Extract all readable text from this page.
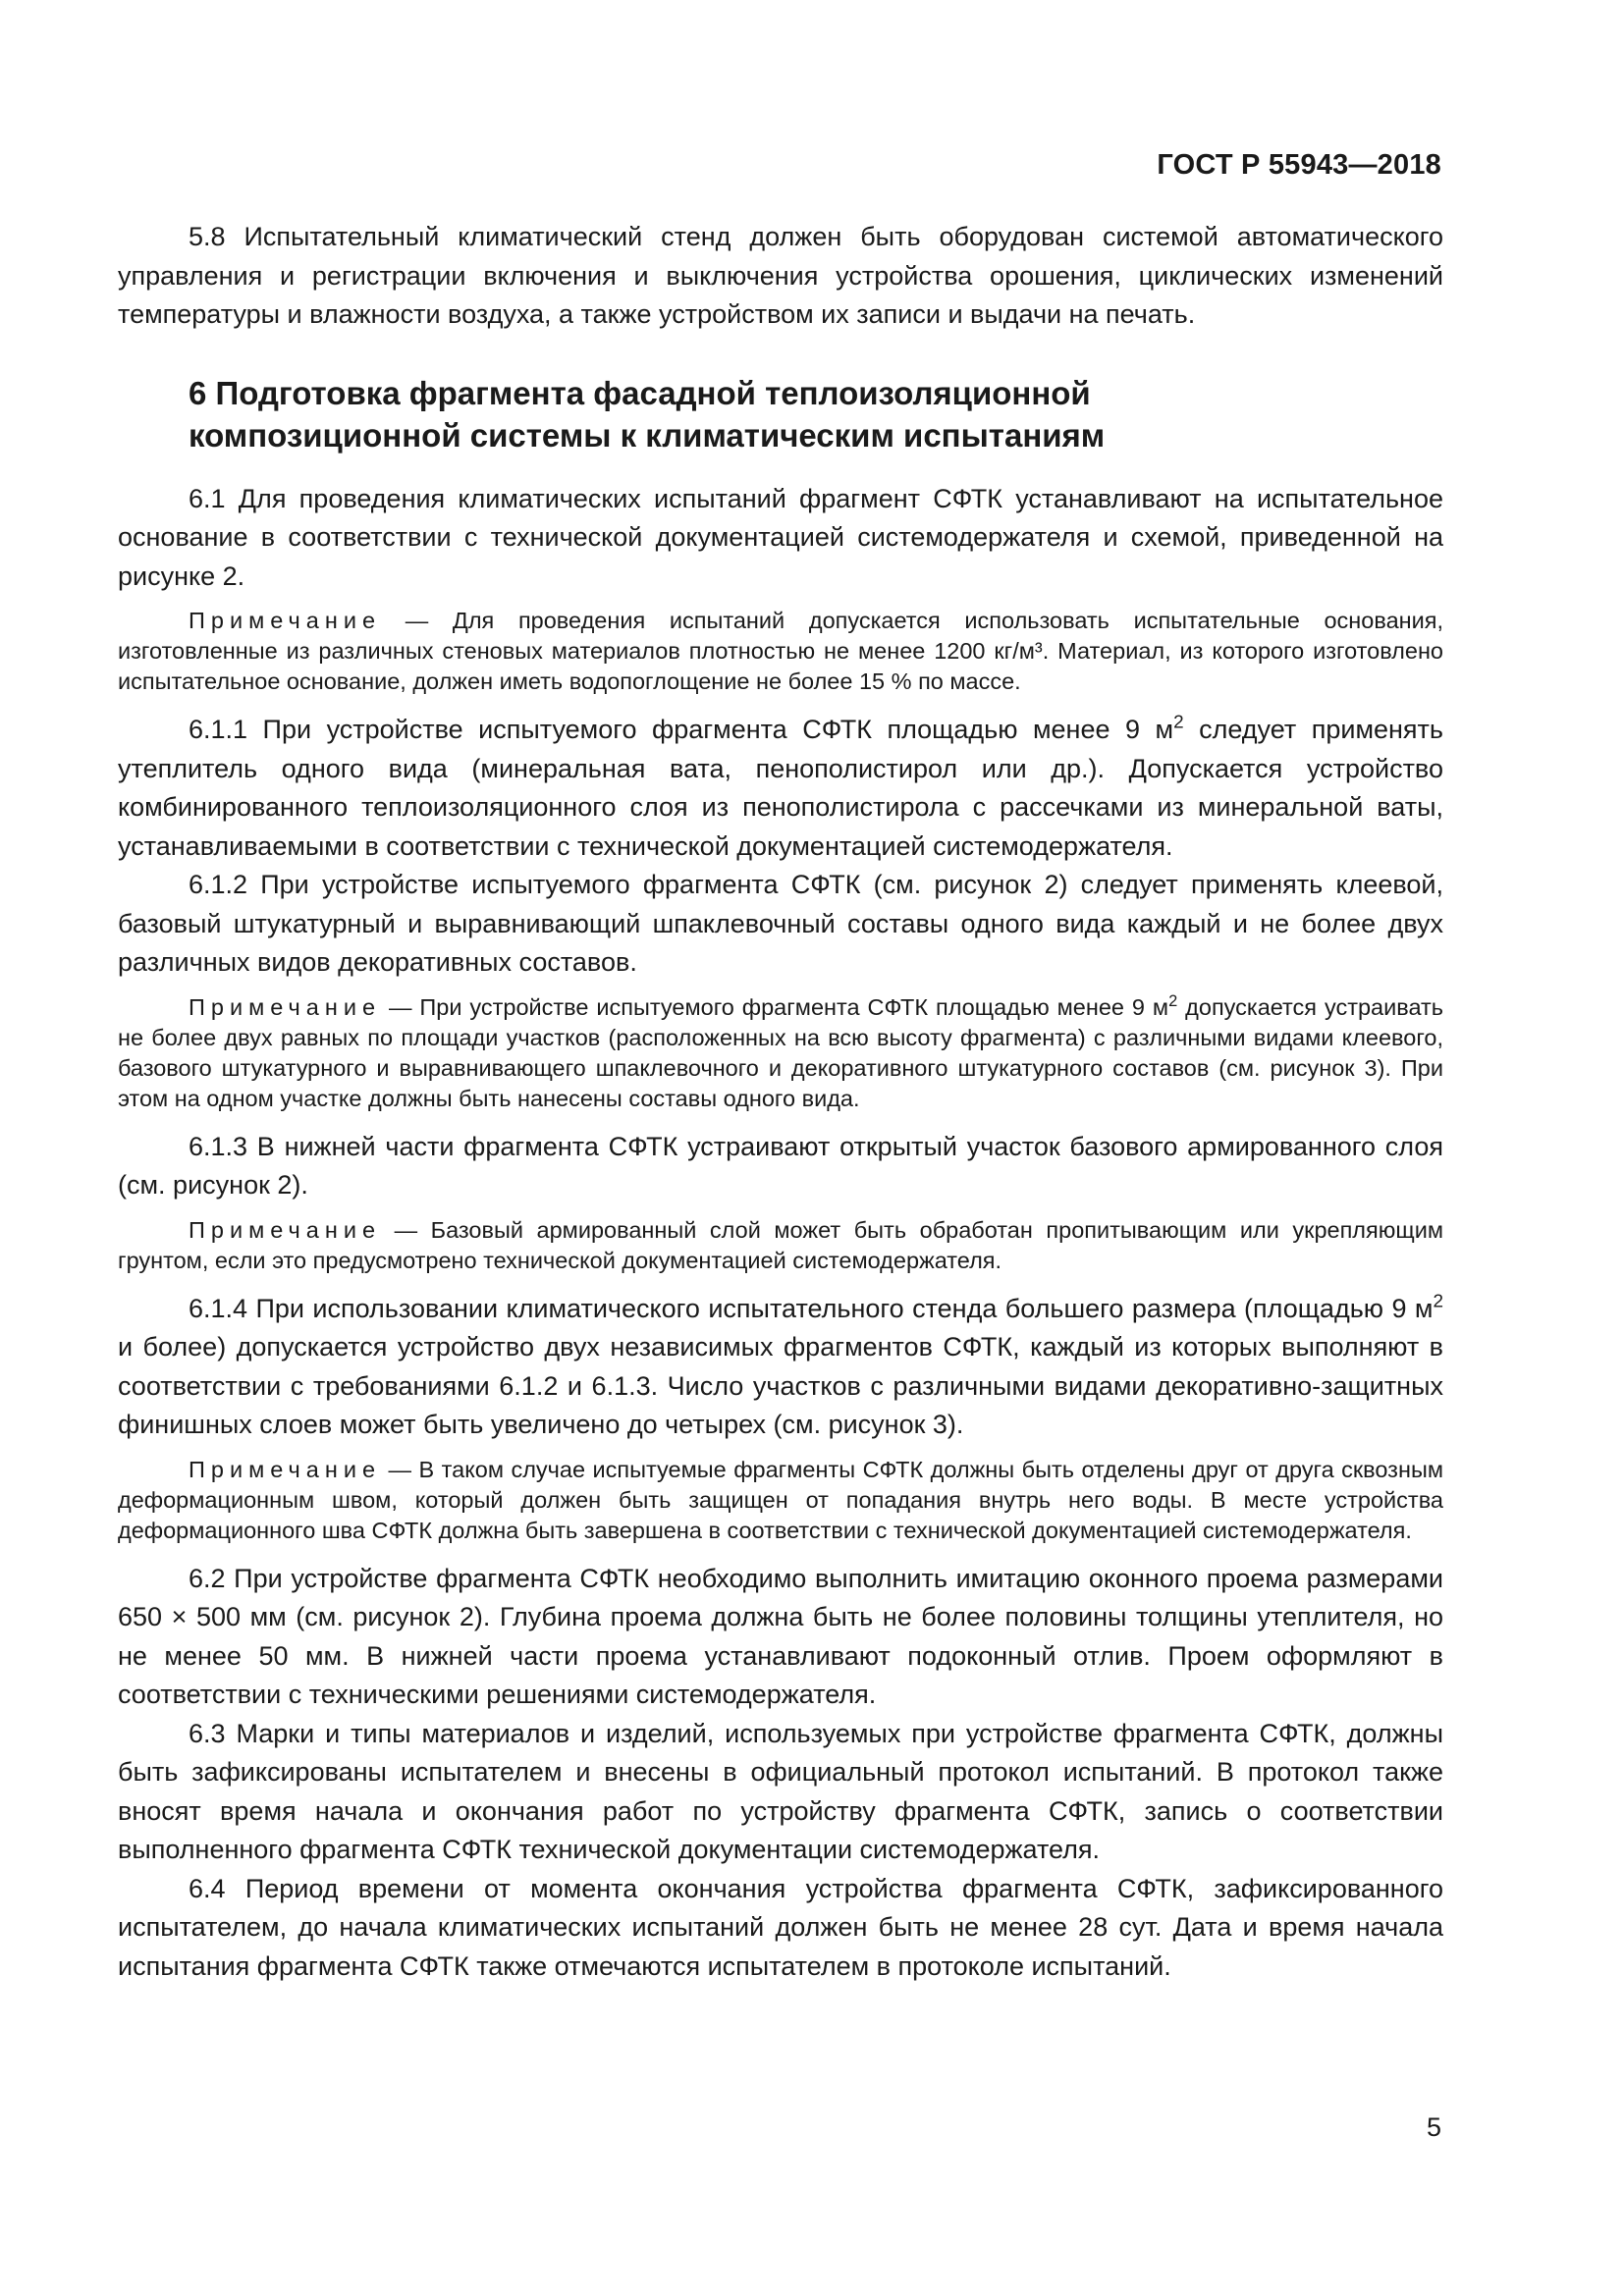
ГОСТ Р 55943—2018

5.8 Испытательный климатический стенд должен быть оборудован системой автоматического управления и регистрации включения и выключения устройства орошения, циклических изменений температуры и влажности воздуха, а также устройством их записи и выдачи на печать.

6 Подготовка фрагмента фасадной теплоизоляционной
композиционной системы к климатическим испытаниям

6.1 Для проведения климатических испытаний фрагмент СФТК устанавливают на испытательное основание в соответствии с технической документацией системодержателя и схемой, приведенной на рисунке 2.

Примечание — Для проведения испытаний допускается использовать испытательные основания, изготовленные из различных стеновых материалов плотностью не менее 1200 кг/м³. Материал, из которого изготовлено испытательное основание, должен иметь водопоглощение не более 15 % по массе.

6.1.1 При устройстве испытуемого фрагмента СФТК площадью менее 9 $м^2$ следует применять утеплитель одного вида (минеральная вата, пенополистирол или др.). Допускается устройство комбинированного теплоизоляционного слоя из пенополистирола с рассечками из минеральной ваты, устанавливаемыми в соответствии с технической документацией системодержателя.

6.1.2 При устройстве испытуемого фрагмента СФТК (см. рисунок 2) следует применять клеевой, базовый штукатурный и выравнивающий шпаклевочный составы одного вида каждый и не более двух различных видов декоративных составов.

Примечание — При устройстве испытуемого фрагмента СФТК площадью менее 9 $м^2$ допускается устраивать не более двух равных по площади участков (расположенных на всю высоту фрагмента) с различными видами клеевого, базового штукатурного и выравнивающего шпаклевочного и декоративного штукатурного составов (см. рисунок 3). При этом на одном участке должны быть нанесены составы одного вида.

6.1.3 В нижней части фрагмента СФТК устраивают открытый участок базового армированного слоя (см. рисунок 2).

Примечание — Базовый армированный слой может быть обработан пропитывающим или укрепляющим грунтом, если это предусмотрено технической документацией системодержателя.

6.1.4 При использовании климатического испытательного стенда большего размера (площадью 9 $м^2$ и более) допускается устройство двух независимых фрагментов СФТК, каждый из которых выполняют в соответствии с требованиями 6.1.2 и 6.1.3. Число участков с различными видами декоративно-защитных финишных слоев может быть увеличено до четырех (см. рисунок 3).

Примечание — В таком случае испытуемые фрагменты СФТК должны быть отделены друг от друга сквозным деформационным швом, который должен быть защищен от попадания внутрь него воды. В месте устройства деформационного шва СФТК должна быть завершена в соответствии с технической документацией системодержателя.

6.2 При устройстве фрагмента СФТК необходимо выполнить имитацию оконного проема размерами 650 × 500 мм (см. рисунок 2). Глубина проема должна быть не более половины толщины утеплителя, но не менее 50 мм. В нижней части проема устанавливают подоконный отлив. Проем оформляют в соответствии с техническими решениями системодержателя.

6.3 Марки и типы материалов и изделий, используемых при устройстве фрагмента СФТК, должны быть зафиксированы испытателем и внесены в официальный протокол испытаний. В протокол также вносят время начала и окончания работ по устройству фрагмента СФТК, запись о соответствии выполненного фрагмента СФТК технической документации системодержателя.

6.4 Период времени от момента окончания устройства фрагмента СФТК, зафиксированного испытателем, до начала климатических испытаний должен быть не менее 28 сут. Дата и время начала испытания фрагмента СФТК также отмечаются испытателем в протоколе испытаний.

5
